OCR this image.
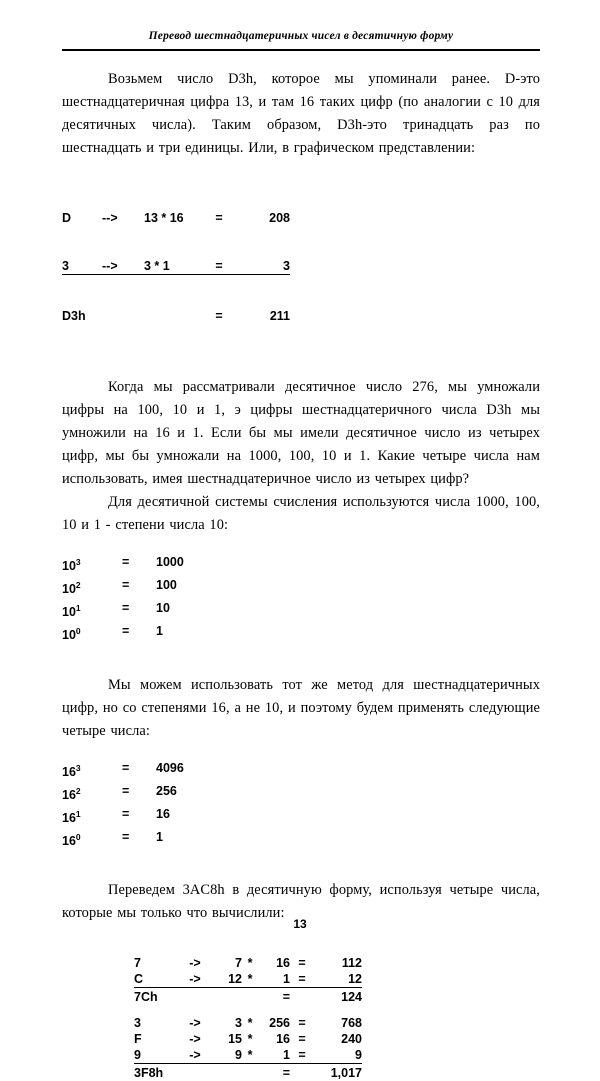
Перевод шестнадцатеричных чисел в десятичную форму

Возьмем число D3h, которое мы упоминали ранее. D-это шестнадцатеричная цифра 13, и там 16 таких цифр (по аналогии с 10 для десятичных числа). Таким образом, D3h-это тринадцать раз по шестнадцать и три единицы. Или, в графическом представлении:

D	-->	13 * 16	=	208

3	-->	3 * 1	=	3

D3h	=	211

Когда мы рассматривали десятичное число 276, мы умножали цифры на 100, 10 и 1, э цифры шестнадцатеричного числа D3h мы умножили на 16 и 1. Если бы мы имели десятичное число из четырех цифр, мы бы умножали на 1000, 100, 10 и 1. Какие четыре числа нам использовать, имея шестнадцатеричное число из четырех цифр?

Для десятичной системы счисления используются числа 1000, 100, 10 и 1 - степени числа 10:

$10^3$	=	1000
$10^2$	=	100
$10^1$	=	10
$10^0$	=	1

Мы можем использовать тот же метод для шестнадцатеричных цифр, но со степенями 16, а не 10, и поэтому будем применять следующие четыре числа:

$16^3$	=	4096
$16^2$	=	256
$16^1$	=	16
$16^0$	=	1

Переведем 3AC8h в десятичную форму, используя четыре числа, которые мы только что вычислили:

7	->	7 *	16 =	112
C	->	12 *	1 =	12
7Ch	=	124
3	->	3 *	256 =	768
F	->	15 *	16 =	240
9	->	9 *	1 =	9
3F8h	=	1,017
13
